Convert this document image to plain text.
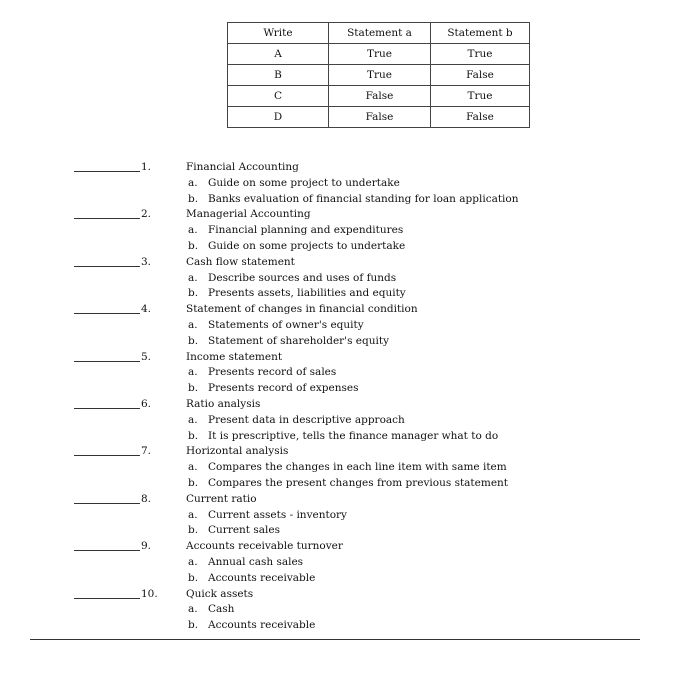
Write	Statement a	Statement b
A	True	True
B	True	False
C	False	True
D	False	False
1.	Financial Accounting
a. Guide on some project to undertake
b. Banks evaluation of financial standing for loan application
2.	Managerial Accounting
a. Financial planning and expenditures
b. Guide on some projects to undertake
3.	Cash flow statement
a. Describe sources and uses of funds
b. Presents assets, liabilities and equity
4.	Statement of changes in financial condition
a. Statements of owner's equity
b. Statement of shareholder's equity
5.	Income statement
a. Presents record of sales
b. Presents record of expenses
6.	Ratio analysis
a. Present data in descriptive approach
b. It is prescriptive, tells the finance manager what to do
7.	Horizontal analysis
a. Compares the changes in each line item with same item
b. Compares the present changes from previous statement
8.	Current ratio
a. Current assets - inventory
b. Current sales
9.	Accounts receivable turnover
a. Annual cash sales
b. Accounts receivable
10.	Quick assets
a. Cash
b. Accounts receivable
